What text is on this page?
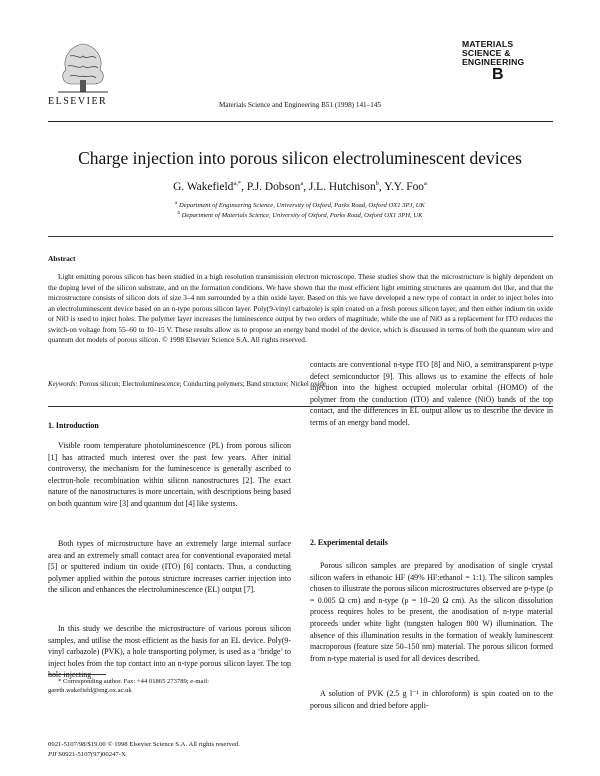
ELSEVIER	Materials Science and Engineering B51 (1998) 141–145
MATERIALS
SCIENCE &
ENGINEERING
B
Charge injection into porous silicon electroluminescent devices
G. Wakefield$^{a,*}$, P.J. Dobson$^a$, J.L. Hutchison$^b$, Y.Y. Foo$^a$
$^a$ Department of Engineering Science, University of Oxford, Parks Road, Oxford OX1 3PJ, UK
$^b$ Department of Materials Science, University of Oxford, Parks Road, Oxford OX1 3PH, UK
Abstract
Light emitting porous silicon has been studied in a high resolution transmission electron microscope. These studies show that the microstructure is highly dependent on the doping level of the silicon substrate, and on the formation conditions. We have shown that the most efficient light emitting structures are quantum dot like, and that the microstructure consists of silicon dots of size 3–4 nm surrounded by a thin oxide layer. Based on this we have developed a new type of contact in order to inject holes into an electroluminescent device based on an n-type porous silicon layer. Poly(9-vinyl carbazole) is spin coated on a fresh porous silicon layer, and then either indium tin oxide or NiO is used to inject holes. The polymer layer increases the luminescence output by two orders of magnitude, while the use of NiO as a replacement for ITO reduces the switch-on voltage from 55–60 to 10–15 V. These results allow us to propose an energy band model of the device, which is discussed in terms of both the quantum wire and quantum dot models of porous silicon. © 1998 Elsevier Science S.A. All rights reserved.
Keywords: Porous silicon; Electroluminescence; Conducting polymers; Band structure; Nickel oxide
1. Introduction
Visible room temperature photoluminescence (PL) from porous silicon [1] has attracted much interest over the past few years. After initial controversy, the mechanism for the luminescence is generally ascribed to electron-hole recombination within silicon nanostructures [2]. The exact nature of the nanostructures is more uncertain, with descriptions being based on both quantum wire [3] and quantum dot [4] like systems.
Both types of microstructure have an extremely large internal surface area and an extremely small contact area for conventional evaporated metal [5] or sputtered indium tin oxide (ITO) [6] contacts. Thus, a conducting polymer applied within the porous structure increases carrier injection into the silicon and enhances the electroluminescence (EL) output [7].
In this study we describe the microstructure of various porous silicon samples, and utilise the most efficient as the basis for an EL device. Poly(9-vinyl carbazole) (PVK), a hole transporting polymer, is used as a ‘bridge’ to inject holes from the top contact into an n-type porous silicon layer. The top hole injecting
* Corresponding author. Fax: +44 01865 273789; e-mail:
gareth.wakefield@eng.ox.ac.uk
0921-5107/98/$19.00 © 1998 Elsevier Science S.A. All rights reserved.
PII S0921-5107(97)00247-X
contacts are conventional n-type ITO [8] and NiO, a semitransparent p-type defect semiconductor [9]. This allows us to examine the effects of hole injection into the highest occupied molecular orbital (HOMO) of the polymer from the conduction (ITO) and valence (NiO) bands of the top contact, and the differences in EL output allow us to describe the device in terms of an energy band model.
2. Experimental details
Porous silicon samples are prepared by anodisation of single crystal silicon wafers in ethanoic HF (49% HF:ethanol = 1:1). The silicon samples chosen to illustrate the porous silicon microstructures observed are p-type (ρ = 0.005 Ω cm) and n-type (ρ = 10–20 Ω cm). As the silicon dissolution process requires holes to be present, the anodisation of n-type material proceeds under white light (tungsten halogen 800 W) illumination. The absence of this illumination results in the formation of weakly luminescent macroporous (feature size 50–150 nm) material. The porous silicon formed from n-type material is used for all devices described.
A solution of PVK (2.5 g l⁻¹ in chloroform) is spin coated on to the porous silicon and dried before appli-
